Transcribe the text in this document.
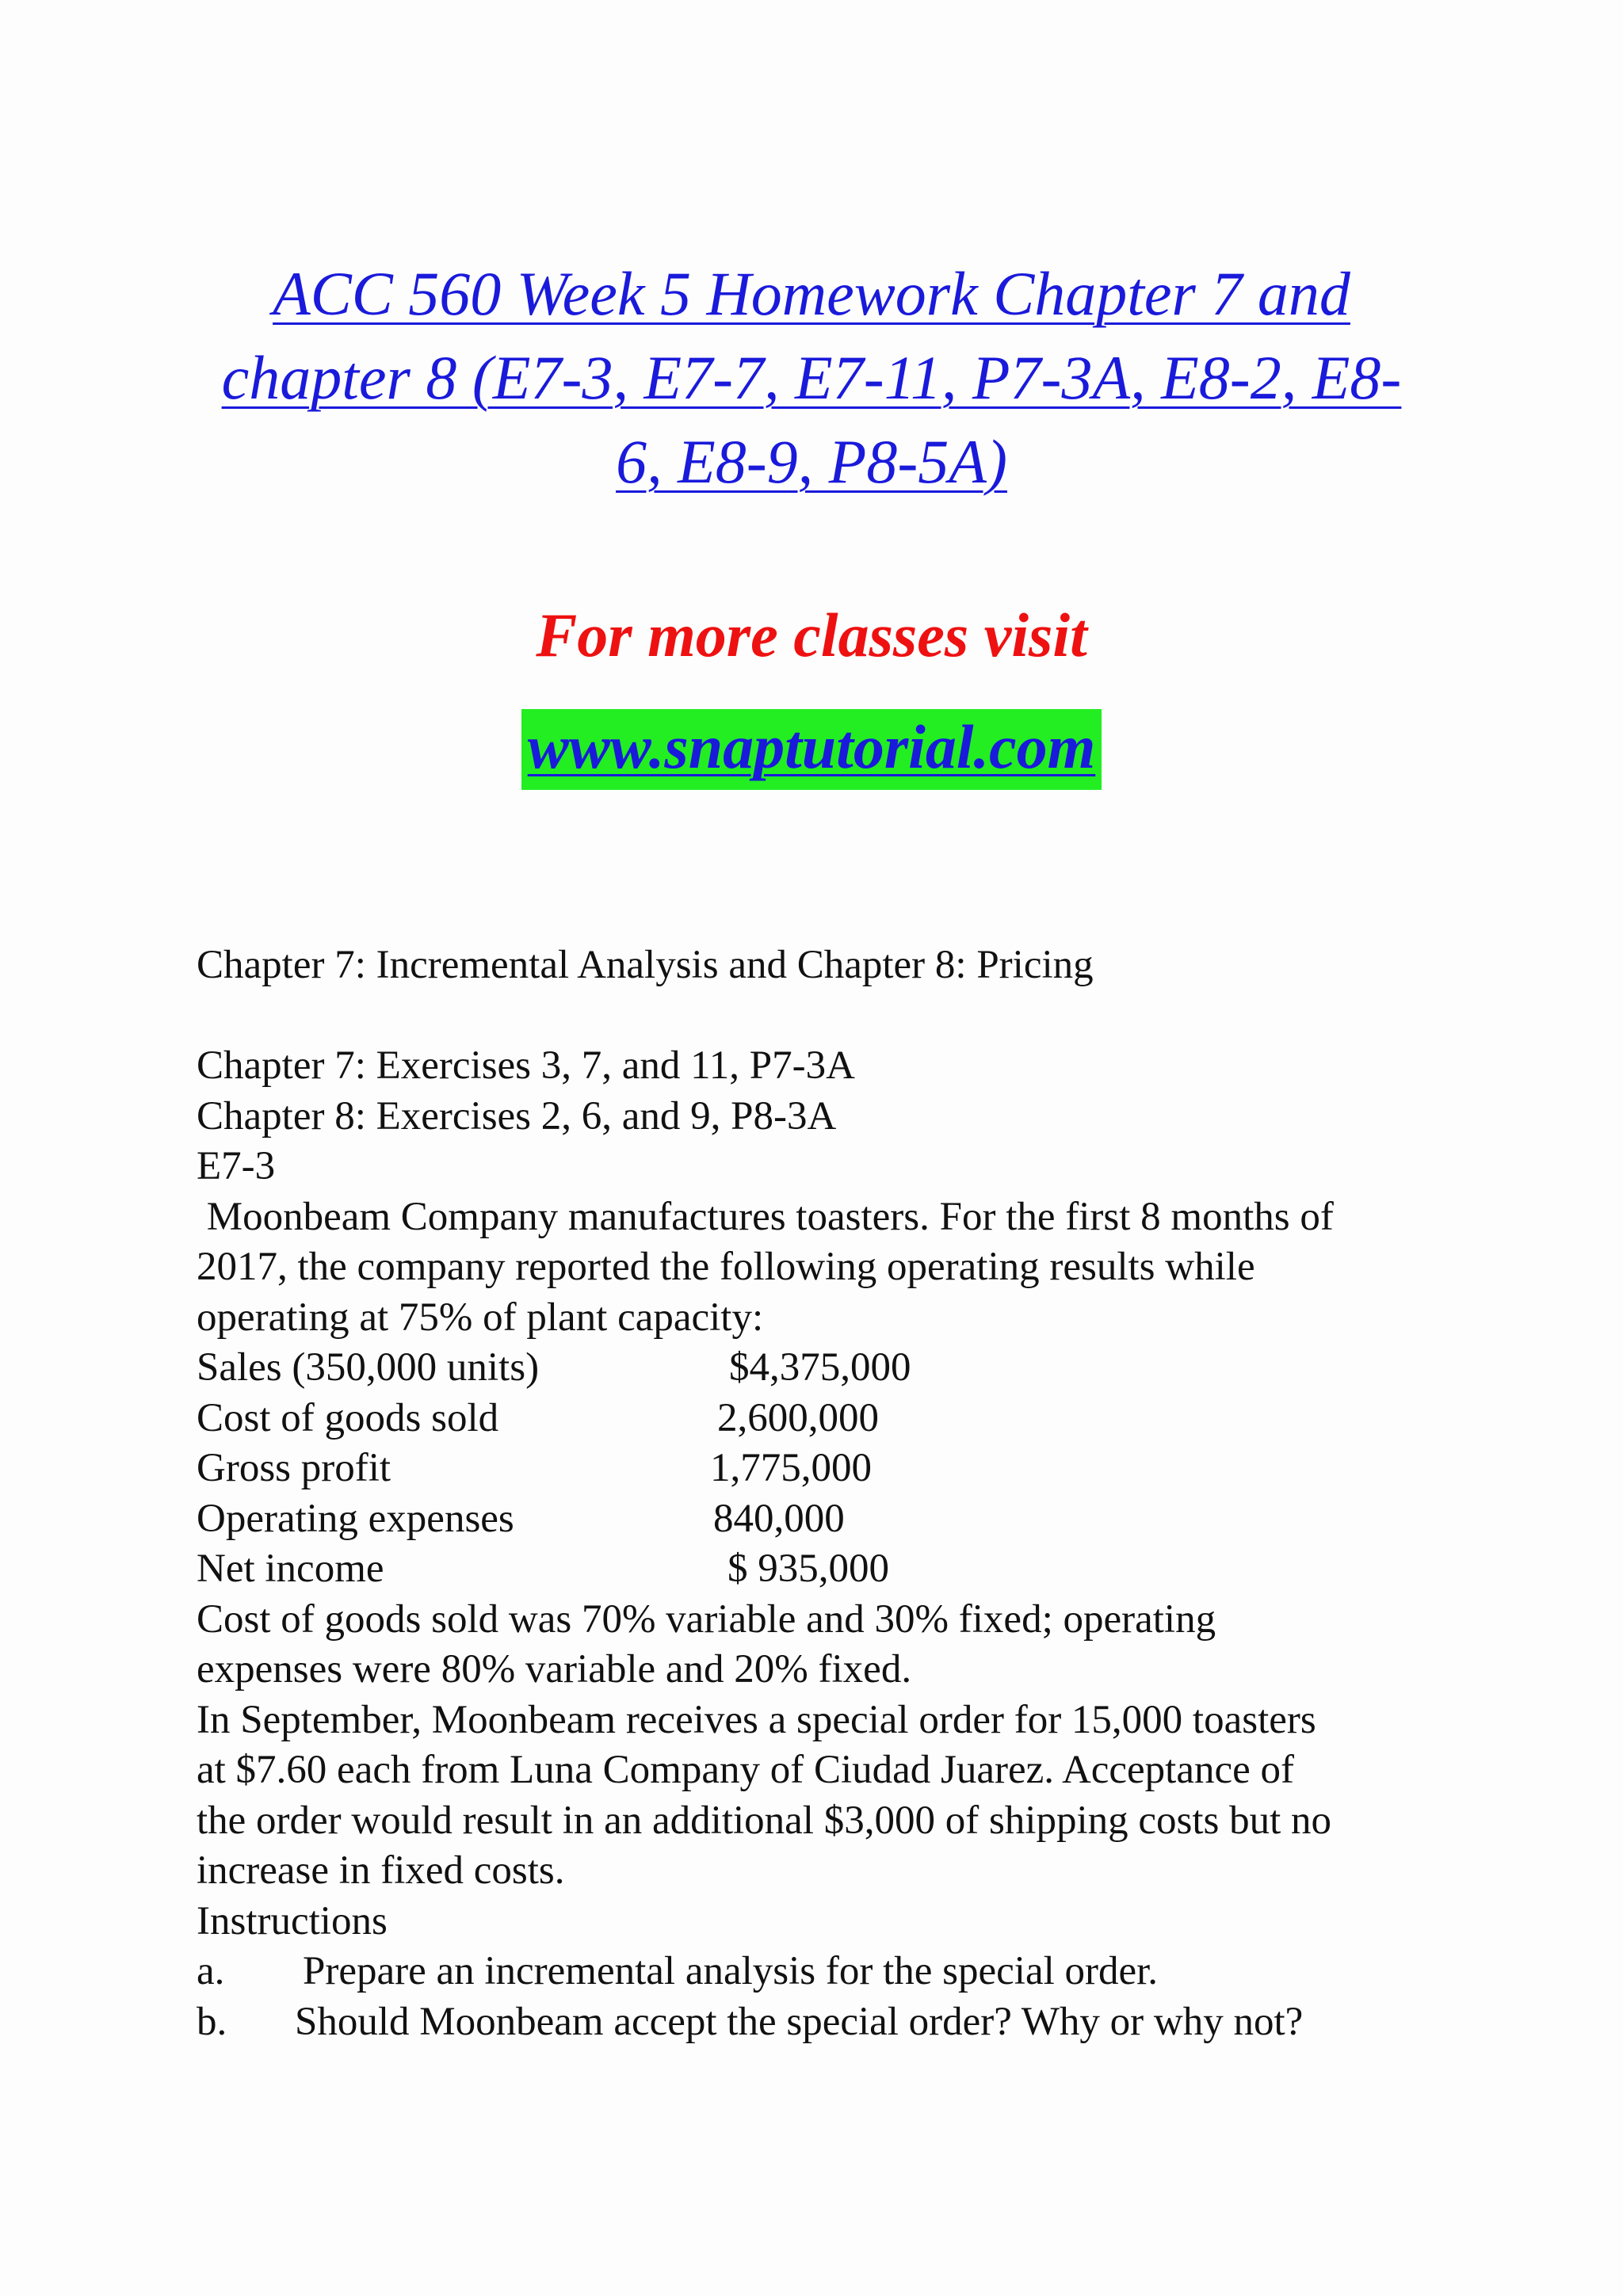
ACC 560 Week 5 Homework Chapter 7 and
chapter 8 (E7-3, E7-7, E7-11, P7-3A, E8-2, E8-
6, E8-9, P8-5A)
For more classes visit
www.snaptutorial.com
Chapter 7: Incremental Analysis and Chapter 8: Pricing
Chapter 7: Exercises 3, 7, and 11, P7-3A
Chapter 8: Exercises 2, 6, and 9, P8-3A
E7-3
Moonbeam Company manufactures toasters. For the first 8 months of
2017, the company reported the following operating results while
operating at 75% of plant capacity:
Sales (350,000 units)	$4,375,000
Cost of goods sold	2,600,000
Gross profit	1,775,000
Operating expenses	840,000
Net income	$ 935,000
Cost of goods sold was 70% variable and 30% fixed; operating
expenses were 80% variable and 20% fixed.
In September, Moonbeam receives a special order for 15,000 toasters
at $7.60 each from Luna Company of Ciudad Juarez. Acceptance of
the order would result in an additional $3,000 of shipping costs but no
increase in fixed costs.
Instructions
a.	Prepare an incremental analysis for the special order.
b.	Should Moonbeam accept the special order? Why or why not?
